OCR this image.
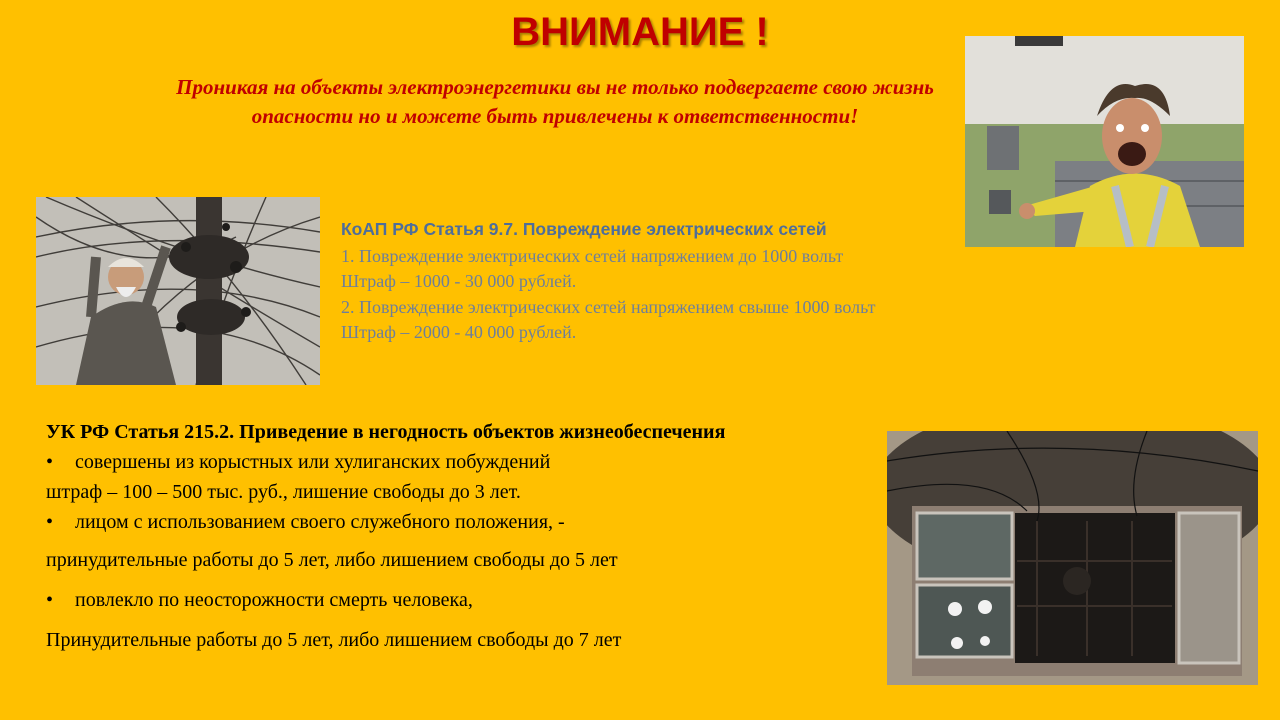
ВНИМАНИЕ !
Проникая на объекты электроэнергетики вы не только подвергаете свою жизнь опасности но и можете быть привлечены к ответственности!
КоАП РФ Статья 9.7. Повреждение электрических сетей

1. Повреждение электрических сетей напряжением до 1000 вольт

Штраф – 1000 - 30 000 рублей.

2. Повреждение электрических сетей напряжением свыше 1000 вольт

Штраф – 2000 - 40 000 рублей.

УК РФ Статья 215.2. Приведение в негодность объектов жизнеобеспечения

• совершены из корыстных или хулиганских побуждений

штраф – 100 – 500 тыс. руб., лишение свободы до 3 лет.

• лицом с использованием своего служебного положения, -

принудительные работы до 5 лет, либо лишением свободы до 5 лет

• повлекло по неосторожности смерть человека,

Принудительные работы до 5 лет, либо лишением свободы до 7 лет
